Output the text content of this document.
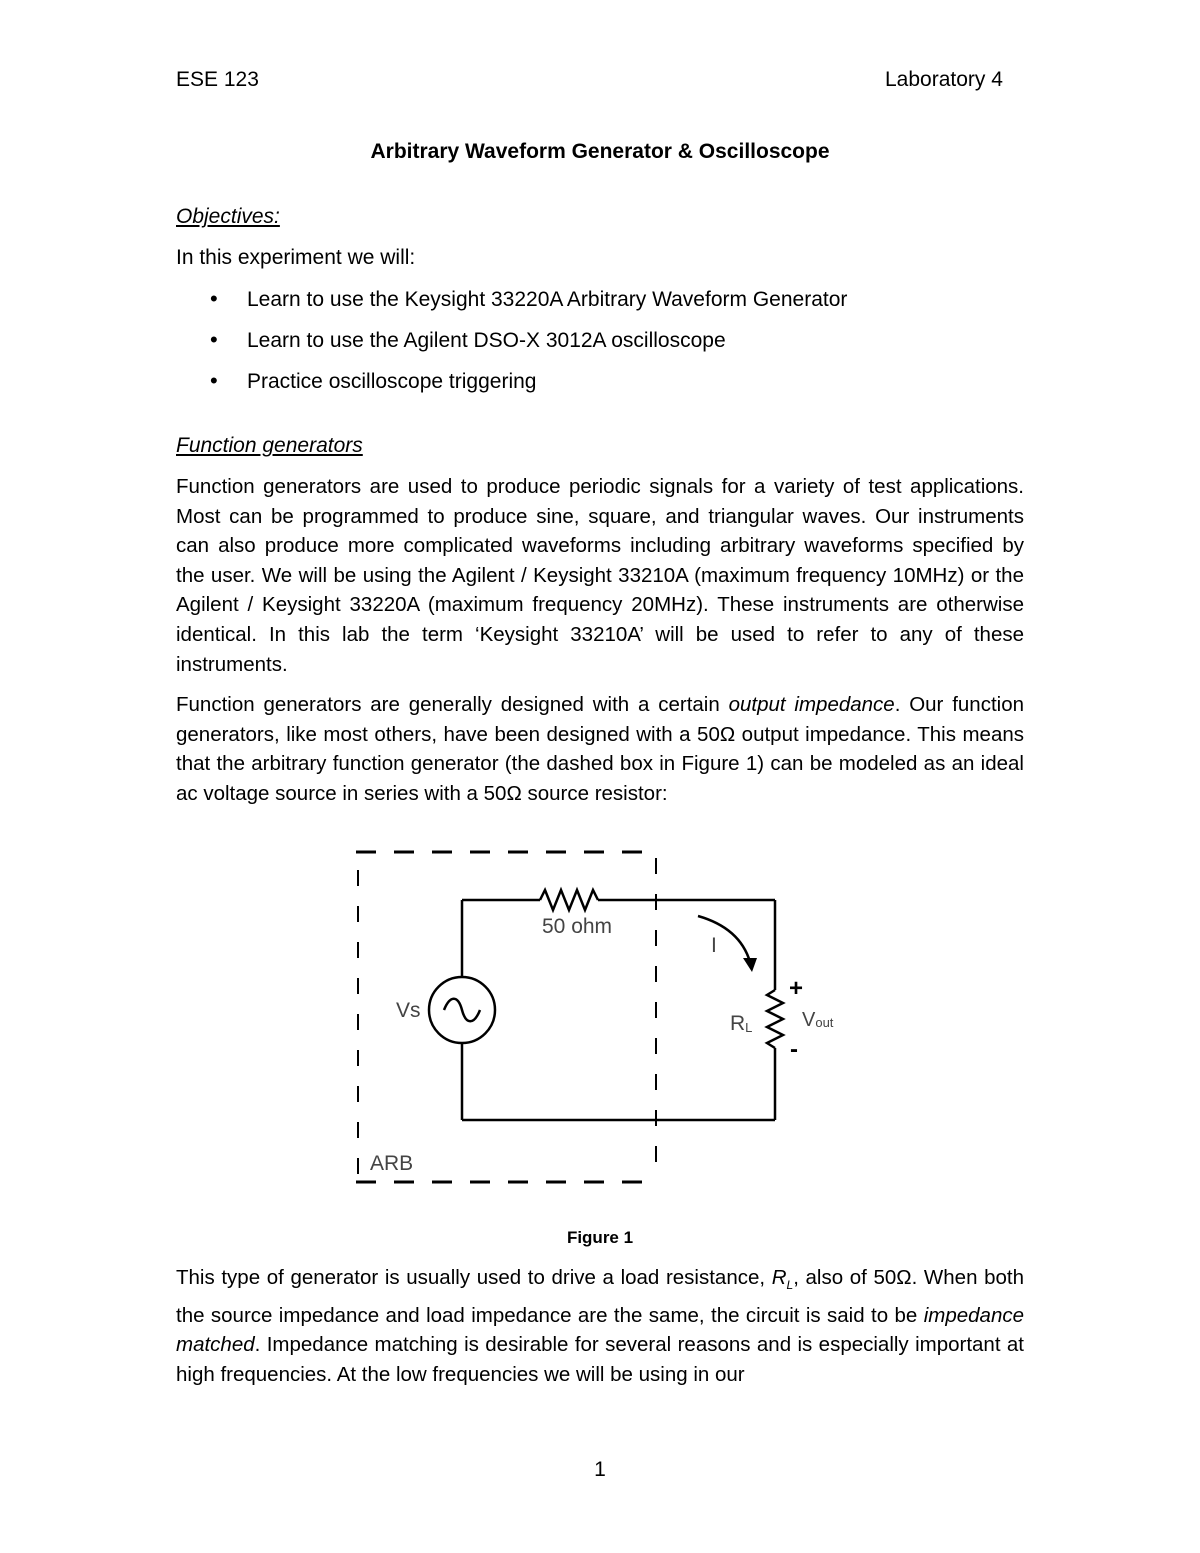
ESE 123	Laboratory 4
Arbitrary Waveform Generator & Oscilloscope
Objectives:
In this experiment we will:
• Learn to use the Keysight 33220A Arbitrary Waveform Generator
• Learn to use the Agilent DSO-X 3012A oscilloscope
• Practice oscilloscope triggering
Function generators

Function generators are used to produce periodic signals for a variety of test applications. Most can be programmed to produce sine, square, and triangular waves. Our instruments can also produce more complicated waveforms including arbitrary waveforms specified by the user. We will be using the Agilent / Keysight 33210A (maximum frequency 10MHz) or the Agilent / Keysight 33220A (maximum frequency 20MHz). These instruments are otherwise identical. In this lab the term ‘Keysight 33210A’ will be used to refer to any of these instruments.

Function generators are generally designed with a certain output impedance. Our function generators, like most others, have been designed with a 50Ω output impedance. This means that the arbitrary function generator (the dashed box in Figure 1) can be modeled as an ideal ac voltage source in series with a 50Ω source resistor:

50 ohm
I
Vs
RL Vout
+
-
ARB
Figure 1

This type of generator is usually used to drive a load resistance, $R_L$, also of 50Ω. When both the source impedance and load impedance are the same, the circuit is said to be impedance matched. Impedance matching is desirable for several reasons and is especially important at high frequencies. At the low frequencies we will be using in our

1
